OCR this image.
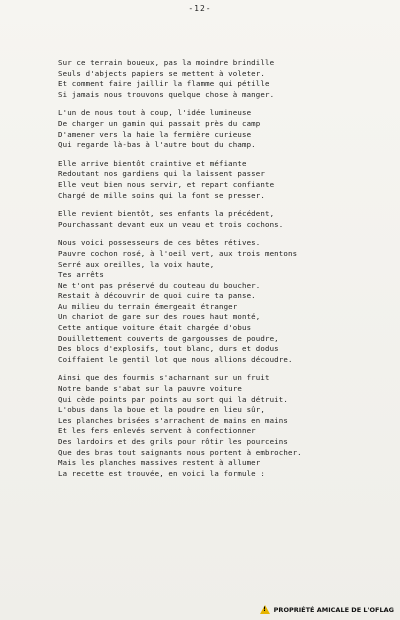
-12-
Sur ce terrain boueux, pas la moindre brindille
Seuls d'abjects papiers se mettent à voleter.
Et comment faire jaillir la flamme qui pétille
Si jamais nous trouvons quelque chose à manger.
L'un de nous tout à coup, l'idée lumineuse
De charger un gamin qui passait près du camp
D'amener vers la haie la fermière curieuse
Qui regarde là-bas à l'autre bout du champ.
Elle arrive bientôt craintive et méfiante
Redoutant nos gardiens qui la laissent passer
Elle veut bien nous servir, et repart confiante
Chargé de mille soins qui la font se presser.
Elle revient bientôt, ses enfants la précédent,
Pourchassant devant eux un veau et trois cochons.
Nous voici possesseurs de ces bêtes rétives.
Pauvre cochon rosé, à l'oeil vert, aux trois mentons
Serré aux oreilles, la voix haute,
Tes arrêts
Ne t'ont pas préservé du couteau du boucher.
Restait à découvrir de quoi cuire ta panse.
Au milieu du terrain émergeait étranger
Un chariot de gare sur des roues haut monté,
Cette antique voiture était chargée d'obus
Douillettement couverts de gargousses de poudre,
Des blocs d'explosifs, tout blanc, durs et dodus
Coiffaient le gentil lot que nous allions découdre.
Ainsi que des fourmis s'acharnant sur un fruit
Notre bande s'abat sur la pauvre voiture
Qui cède points par points au sort qui la détruit.
L'obus dans la boue et la poudre en lieu sûr,
Les planches brisées s'arrachent de mains en mains
Et les fers enlevés servent à confectionner
Des lardoirs et des grils pour rôtir les pourceins
Que des bras tout saignants nous portent à embrocher.
Mais les planches massives restent à allumer
La recette est trouvée, en voici la formule :
!
PROPRIÉTÉ AMICALE DE L'OFLAG
